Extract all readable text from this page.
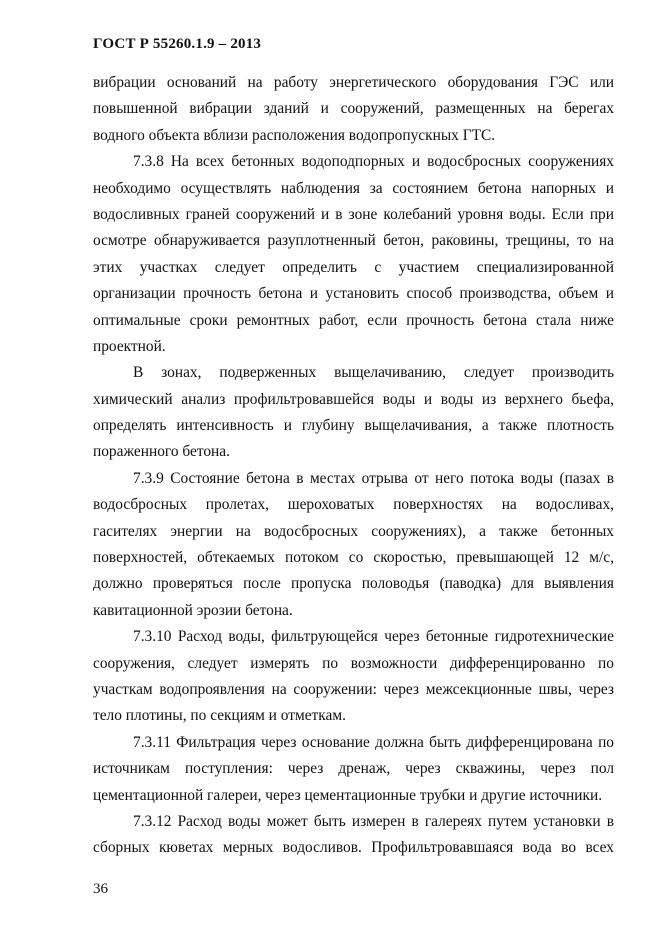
ГОСТ Р 55260.1.9 – 2013
вибрации оснований на работу энергетического оборудования ГЭС или
повышенной вибрации зданий и сооружений, размещенных на берегах
водного объекта вблизи расположения водопропускных ГТС.
7.3.8 На всех бетонных водоподпорных и водосбросных сооружениях
необходимо осуществлять наблюдения за состоянием бетона напорных и
водосливных граней сооружений и в зоне колебаний уровня воды. Если при
осмотре обнаруживается разуплотненный бетон, раковины, трещины, то на
этих участках следует определить с участием специализированной
организации прочность бетона и установить способ производства, объем и
оптимальные сроки ремонтных работ, если прочность бетона стала ниже
проектной.
В зонах, подверженных выщелачиванию, следует производить
химический анализ профильтровавшейся воды и воды из верхнего бьефа,
определять интенсивность и глубину выщелачивания, а также плотность
пораженного бетона.
7.3.9 Состояние бетона в местах отрыва от него потока воды (пазах в
водосбросных пролетах, шероховатых поверхностях на водосливах,
гасителях энергии на водосбросных сооружениях), а также бетонных
поверхностей, обтекаемых потоком со скоростью, превышающей 12 м/с,
должно проверяться после пропуска половодья (паводка) для выявления
кавитационной эрозии бетона.
7.3.10 Расход воды, фильтрующейся через бетонные гидротехнические
сооружения, следует измерять по возможности дифференцированно по
участкам водопроявления на сооружении: через межсекционные швы, через
тело плотины, по секциям и отметкам.
7.3.11 Фильтрация через основание должна быть дифференцирована по
источникам поступления: через дренаж, через скважины, через пол
цементационной галереи, через цементационные трубки и другие источники.
7.3.12 Расход воды может быть измерен в галереях путем установки в
сборных кюветах мерных водосливов. Профильтровавшаяся вода во всех
36
